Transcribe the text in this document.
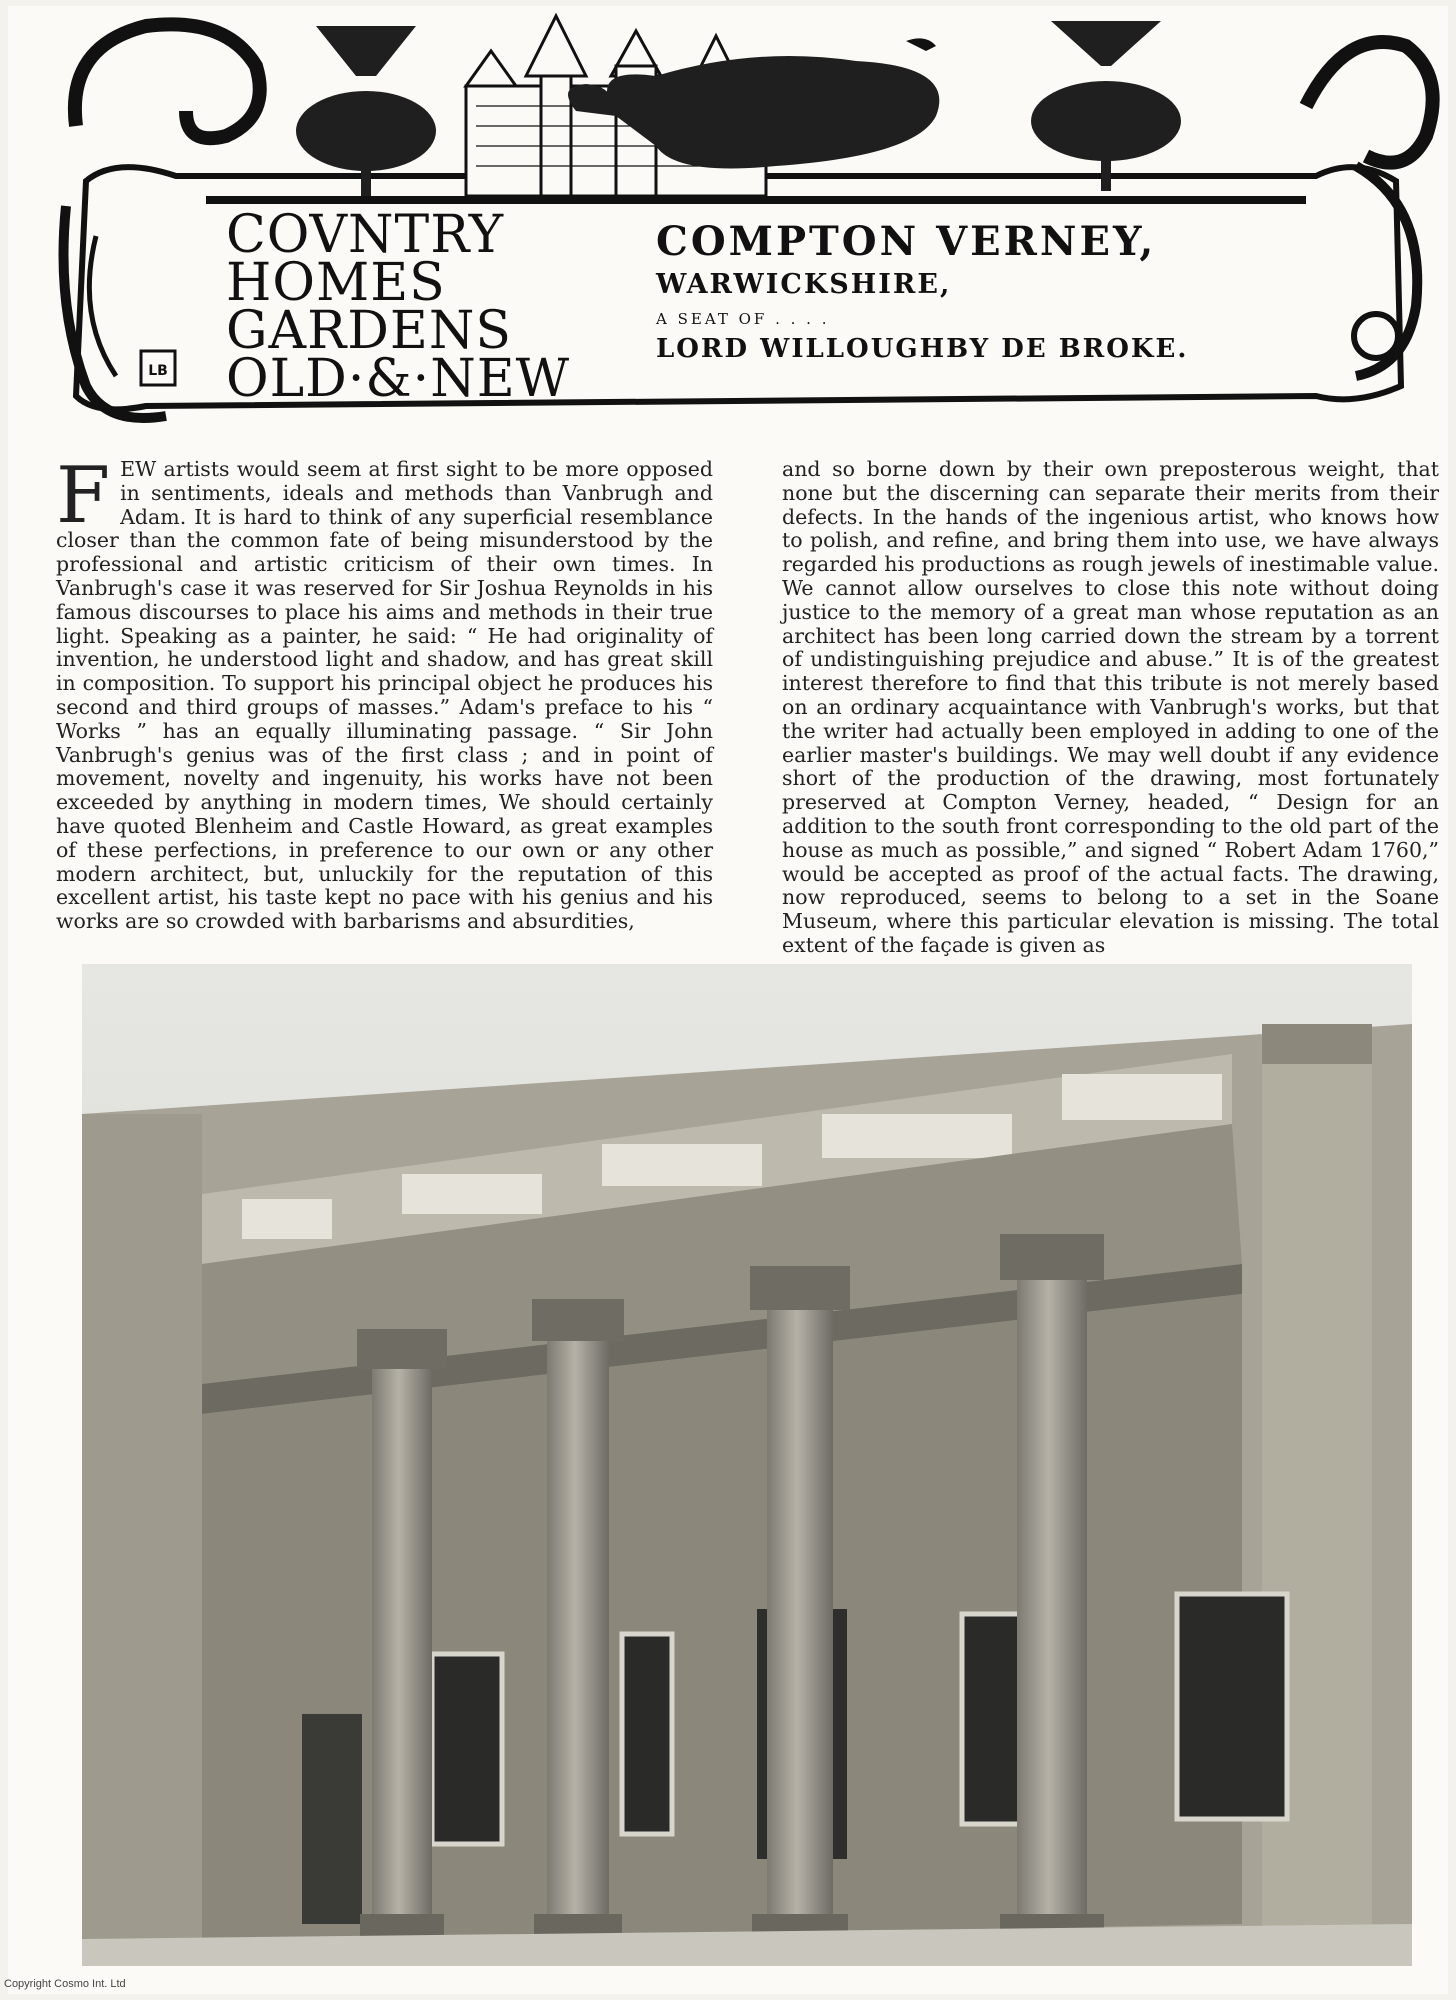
LB
COVNTRY
HOMES
GARDENS
OLD·&·NEW
COMPTON VERNEY,
WARWICKSHIRE,
A SEAT OF . . . .
LORD WILLOUGHBY DE BROKE.
FEW artists would seem at first sight to be more opposed in sentiments, ideals and methods than Vanbrugh and Adam. It is hard to think of any superficial resemblance closer than the common fate of being misunderstood by the professional and artistic criticism of their own times. In Vanbrugh's case it was reserved for Sir Joshua Reynolds in his famous discourses to place his aims and methods in their true light. Speaking as a painter, he said: “ He had originality of invention, he understood light and shadow, and has great skill in composition. To support his principal object he produces his second and third groups of masses.” Adam's preface to his “ Works ” has an equally illuminating passage. “ Sir John Vanbrugh's genius was of the first class ; and in point of movement, novelty and ingenuity, his works have not been exceeded by anything in modern times, We should certainly have quoted Blenheim and Castle Howard, as great examples of these perfections, in preference to our own or any other modern architect, but, unluckily for the reputation of this excellent artist, his taste kept no pace with his genius and his works are so crowded with barbarisms and absurdities,
and so borne down by their own preposterous weight, that none but the discerning can separate their merits from their defects. In the hands of the ingenious artist, who knows how to polish, and refine, and bring them into use, we have always regarded his productions as rough jewels of inestimable value. We cannot allow ourselves to close this note without doing justice to the memory of a great man whose reputation as an architect has been long carried down the stream by a torrent of undistinguishing prejudice and abuse.” It is of the greatest interest therefore to find that this tribute is not merely based on an ordinary acquaintance with Vanbrugh's works, but that the writer had actually been employed in adding to one of the earlier master's buildings. We may well doubt if any evidence short of the production of the drawing, most fortunately preserved at Compton Verney, headed, “ Design for an addition to the south front corresponding to the old part of the house as much as possible,” and signed “ Robert Adam 1760,” would be accepted as proof of the actual facts. The drawing, now reproduced, seems to belong to a set in the Soane Museum, where this particular elevation is missing. The total extent of the façade is given as
Copyright Cosmo Int. Ltd
